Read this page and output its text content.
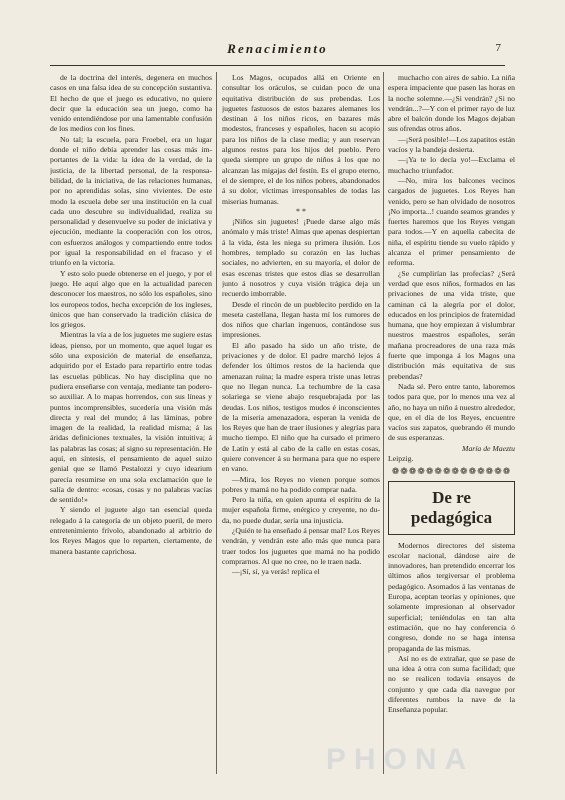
Renacimiento	7

de la doctrina del interés, degenera en muchos casos en una falsa idea de su concepción sustantiva. El hecho de que el juego es educativo, no quiere decir que la educación sea un juego, como ha venido entendiéndose por una lamentable confusión de los medios con los fines.

No tal; la escuela, para Froebel, era un lugar donde el niño debía aprender las cosas más importantes de la vida: la idea de la verdad, de la justicia, de la libertad personal, de la responsabilidad, de la iniciativa, de las relaciones humanas, por no aprendidas solas, sino vivientes. De este modo la escuela debe ser una institución en la cual cada uno descubre su individualidad, realiza su personalidad y desenvuelve su poder de iniciativa y ejecución, mediante la cooperación con los otros, con esfuerzos análogos y compartiendo entre todos por igual la responsabilidad en el fracaso y el triunfo en la victoria.

Y esto solo puede obtenerse en el juego, y por el juego. He aquí algo que en la actualidad parecen desconocer los maestros, no sólo los españoles, sino los europeos todos, hecha excepción de los ingleses, únicos que han conservado la tradición clásica de los griegos.

Mientras la vía a de los juguetes me sugiere estas ideas, pienso, por un momento, que aquel lugar es sólo una exposición de material de enseñanza, adquirido por el Estado para repartirlo entre todas las escuelas públicas. No hay disciplina que no pudiera enseñarse con ventaja, mediante tan poderoso auxiliar. A lo mapas horrendos, con sus líneas y puntos incomprensibles, sucedería una visión más directa y real del mundo; á las láminas, pobre imagen de la realidad, la realidad misma; á las áridas definiciones textuales, la visión intuitiva; á las palabras las cosas; al signo su representación. He aquí, en síntesis, el pensamiento de aquel suizo genial que se llamó Pestalozzi y cuyo idearium parecía resumirse en una sola exclamación que le salía de dentro: «cosas, cosas y no palabras vacías de sentido!»

Y siendo el juguete algo tan esencial queda relegado á la categoría de un objeto pueril, de mero entretenimiento frívolo, abandonado al arbitrio de los Reyes Magos que lo reparten, ciertamente, de manera bastante caprichosa.

Los Magos, ocupados allá en Oriente en consultar los oráculos, se cuidan poco de una equitativa distribución de sus prebendas. Los juguetes fastuosos de estos bazares alemanes los destinan á los niños ricos, en bazares más modestos, franceses y españoles, hacen su acopio para los niños de la clase media; y aun reservan algunos restos para los hijos del pueblo. Pero queda siempre un grupo de niños á los que no alcanzan las migajas del festín. Es el grupo eterno, el de siempre, el de los niños pobres, abandonados á su dolor, víctimas irresponsables de todas las miserias humanas.

* *

¡Niños sin juguetes! ¡Puede darse algo más anómalo y más triste! Almas que apenas despiertan á la vida, ésta les niega su primera ilusión. Los hombres, templado su corazón en las luchas sociales, no advierten, en su mayoría, el dolor de esas escenas tristes que estos días se desarrollan junto á nosotros y cuya visión trágica deja un recuerdo imborrable.

Desde el rincón de un pueblecito perdido en la meseta castellana, llegan hasta mí los rumores de dos niños que charlan ingenuos, contándose sus impresiones.

El año pasado ha sido un año triste, de privaciones y de dolor. El padre marchó lejos á defender los últimos restos de la hacienda que amenazan ruina; la madre espera triste unas letras que no llegan nunca. La techumbre de la casa solariega se viene abajo resquebrajada por las deudas. Los niños, testigos mudos é inconscientes de la miseria amenazadora, esperan la venida de los Reyes que han de traer ilusiones y alegrías para mucho tiempo. El niño que ha cursado el primero de Latín y está al cabo de la calle en estas cosas, quiere convencer á su hermana para que no espere en vano.

—Mira, los Reyes no vienen porque somos pobres y mamá no ha podido comprar nada.

Pero la niña, en quien apunta el espíritu de la mujer española firme, enérgico y creyente, no duda, no puede dudar, sería una injusticia.

¿Quién te ha enseñado á pensar mal? Los Reyes vendrán, y vendrán este año más que nunca para traer todos los juguetes que mamá no ha podido comprarnos. Al que no cree, no le traen nada.

—¡Sí, sí, ya verás! replica el

muchacho con aires de sabio. La niña espera impaciente que pasen las horas en la noche solemne.—¿Si vendrán? ¿Si no vendrán...?—Y con el primer rayo de luz abre el balcón donde los Magos dejaban sus ofrendas otros años.

—¡Será posible!—Los zapatitos están vacíos y la bandeja desierta.

—¡Ya te lo decía yo!—Exclama el muchacho triunfador.

—No, mira los balcones vecinos cargados de juguetes. Los Reyes han venido, pero se han olvidado de nosotros ¡No importa...! cuando seamos grandes y fuertes haremos que los Reyes vengan para todos.—Y en aquella cabecita de niña, el espíritu tiende su vuelo rápido y alcanza el primer pensamiento de reforma.

¿Se cumplirían las profecías? ¿Será verdad que esos niños, formados en las privaciones de una vida triste, que caminan cá la alegría por el dolor, educados en los principios de fraternidad humana, que hoy empiezan á vislumbrar nuestros maestros españoles, serán mañana procreadores de una raza más fuerte que imponga á los Magos una distribución más equitativa de sus prebendas?

Nada sé. Pero entre tanto, laboremos todos para que, por lo menos una vez al año, no haya un niño á nuestro alrededor, que, en el día de los Reyes, encuentre vacíos sus zapatos, quebrando él mundo de sus esperanzas.

María de Maeztu

Leipzig.

❁❁❁❁❁❁❁❁❁❁❁❁❁❁
De re pedagógica

Modernos directores del sistema escolar nacional, dándose aire de innovadores, han pretendido encerrar los últimos años tergiversar el problema pedagógico. Asomados á las ventanas de Europa, aceptan teorías y opiniones, que solamente impresionan al observador superficial; teniéndolas en tan alta estimación, que no hay conferencia ó congreso, donde no se haga intensa propaganda de las mismas.

Así no es de extrañar, que se pase de una idea á otra con suma facilidad; que no se realicen todavía ensayos de conjunto y que cada día navegue por diferentes rumbos la nave de la Enseñanza popular.

PHONA
